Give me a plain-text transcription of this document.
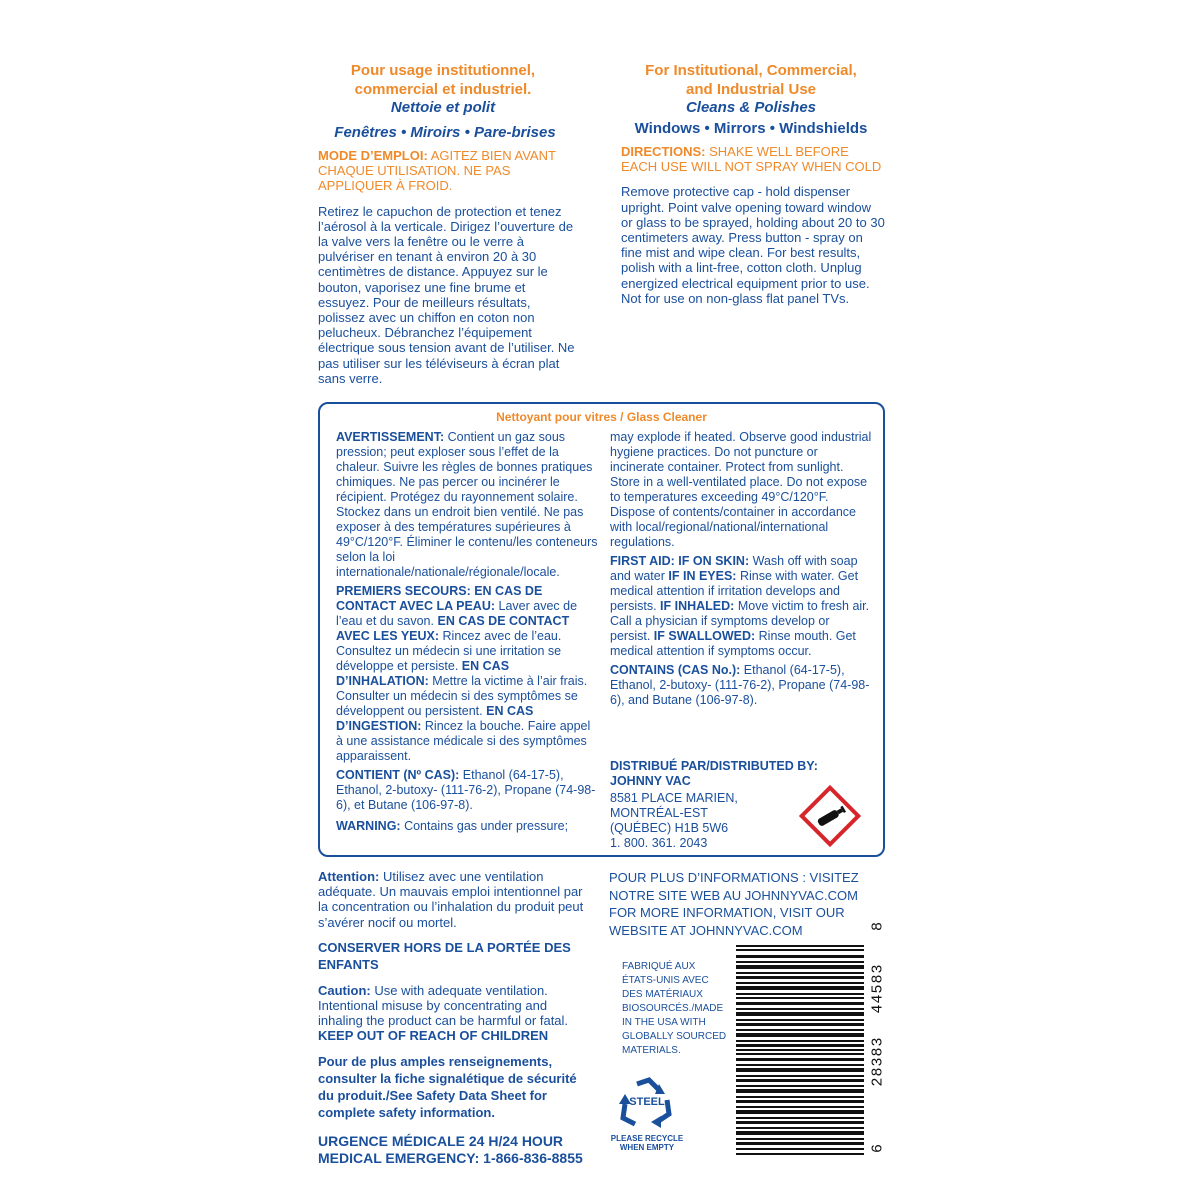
Pour usage institutionnel,
commercial et industriel.
Nettoie et polit
Fenêtres • Miroirs • Pare-brises

MODE D’EMPLOI: AGITEZ BIEN AVANT CHAQUE UTILISATION. NE PAS APPLIQUER À FROID.

Retirez le capuchon de protection et tenez l’aérosol à la verticale. Dirigez l’ouverture de la valve vers la fenêtre ou le verre à pulvériser en tenant à environ 20 à 30 centimètres de distance. Appuyez sur le bouton, vaporisez une fine brume et essuyez. Pour de meilleurs résultats, polissez avec un chiffon en coton non pelucheux. Débranchez l’équipement électrique sous tension avant de l’utiliser. Ne pas utiliser sur les téléviseurs à écran plat sans verre.

For Institutional, Commercial,
and Industrial Use
Cleans & Polishes
Windows • Mirrors • Windshields

DIRECTIONS: SHAKE WELL BEFORE EACH USE WILL NOT SPRAY WHEN COLD

Remove protective cap - hold dispenser upright. Point valve opening toward window or glass to be sprayed, holding about 20 to 30 centimeters away. Press button - spray on fine mist and wipe clean. For best results, polish with a lint-free, cotton cloth. Unplug energized electrical equipment prior to use. Not for use on non-glass flat panel TVs.

Nettoyant pour vitres / Glass Cleaner

AVERTISSEMENT: Contient un gaz sous pression; peut exploser sous l’effet de la chaleur. Suivre les règles de bonnes pratiques chimiques. Ne pas percer ou incinérer le récipient. Protégez du rayonnement solaire. Stockez dans un endroit bien ventilé. Ne pas exposer à des températures supérieures à 49°C/120°F. Éliminer le contenu/les conteneurs selon la loi internationale/nationale/régionale/locale.

PREMIERS SECOURS: EN CAS DE CONTACT AVEC LA PEAU: Laver avec de l’eau et du savon. EN CAS DE CONTACT AVEC LES YEUX: Rincez avec de l’eau. Consultez un médecin si une irritation se développe et persiste. EN CAS D’INHALATION: Mettre la victime à l’air frais. Consulter un médecin si des symptômes se développent ou persistent. EN CAS D’INGESTION: Rincez la bouche. Faire appel à une assistance médicale si des symptômes apparaissent.

CONTIENT (Nº CAS): Ethanol (64-17-5), Ethanol, 2-butoxy- (111-76-2), Propane (74-98-6), et Butane (106-97-8).

WARNING: Contains gas under pressure;

may explode if heated. Observe good industrial hygiene practices. Do not puncture or incinerate container. Protect from sunlight. Store in a well-ventilated place. Do not expose to temperatures exceeding 49°C/120°F. Dispose of contents/container in accordance with local/regional/national/international regulations.

FIRST AID: IF ON SKIN: Wash off with soap and water IF IN EYES: Rinse with water. Get medical attention if irritation develops and persists. IF INHALED: Move victim to fresh air. Call a physician if symptoms develop or persist. IF SWALLOWED: Rinse mouth. Get medical attention if symptoms occur.

CONTAINS (CAS No.): Ethanol (64-17-5), Ethanol, 2-butoxy- (111-76-2), Propane (74-98-6), and Butane (106-97-8).

DISTRIBUÉ PAR/DISTRIBUTED BY:

JOHNNY VAC

8581 PLACE MARIEN,

MONTRÉAL-EST

(QUÉBEC) H1B 5W6

1. 800. 361. 2043

Attention: Utilisez avec une ventilation adéquate. Un mauvais emploi intentionnel par la concentration ou l’inhalation du produit peut s’avérer nocif ou mortel.

CONSERVER HORS DE LA PORTÉE DES ENFANTS

Caution: Use with adequate ventilation. Intentional misuse by concentrating and inhaling the product can be harmful or fatal.

KEEP OUT OF REACH OF CHILDREN

Pour de plus amples renseignements, consulter la fiche signalétique de sécurité du produit./See Safety Data Sheet for complete safety information.

URGENCE MÉDICALE 24 H/24 HOUR

MEDICAL EMERGENCY: 1-866-836-8855

POUR PLUS D’INFORMATIONS : VISITEZ NOTRE SITE WEB AU JOHNNYVAC.COM FOR MORE INFORMATION, VISIT OUR WEBSITE AT JOHNNYVAC.COM

FABRIQUÉ AUX ÉTATS-UNIS AVEC DES MATÉRIAUX BIOSOURCÉS./MADE IN THE USA WITH GLOBALLY SOURCED MATERIALS.

STEEL
PLEASE RECYCLE
WHEN EMPTY
8
44583
28383
6
